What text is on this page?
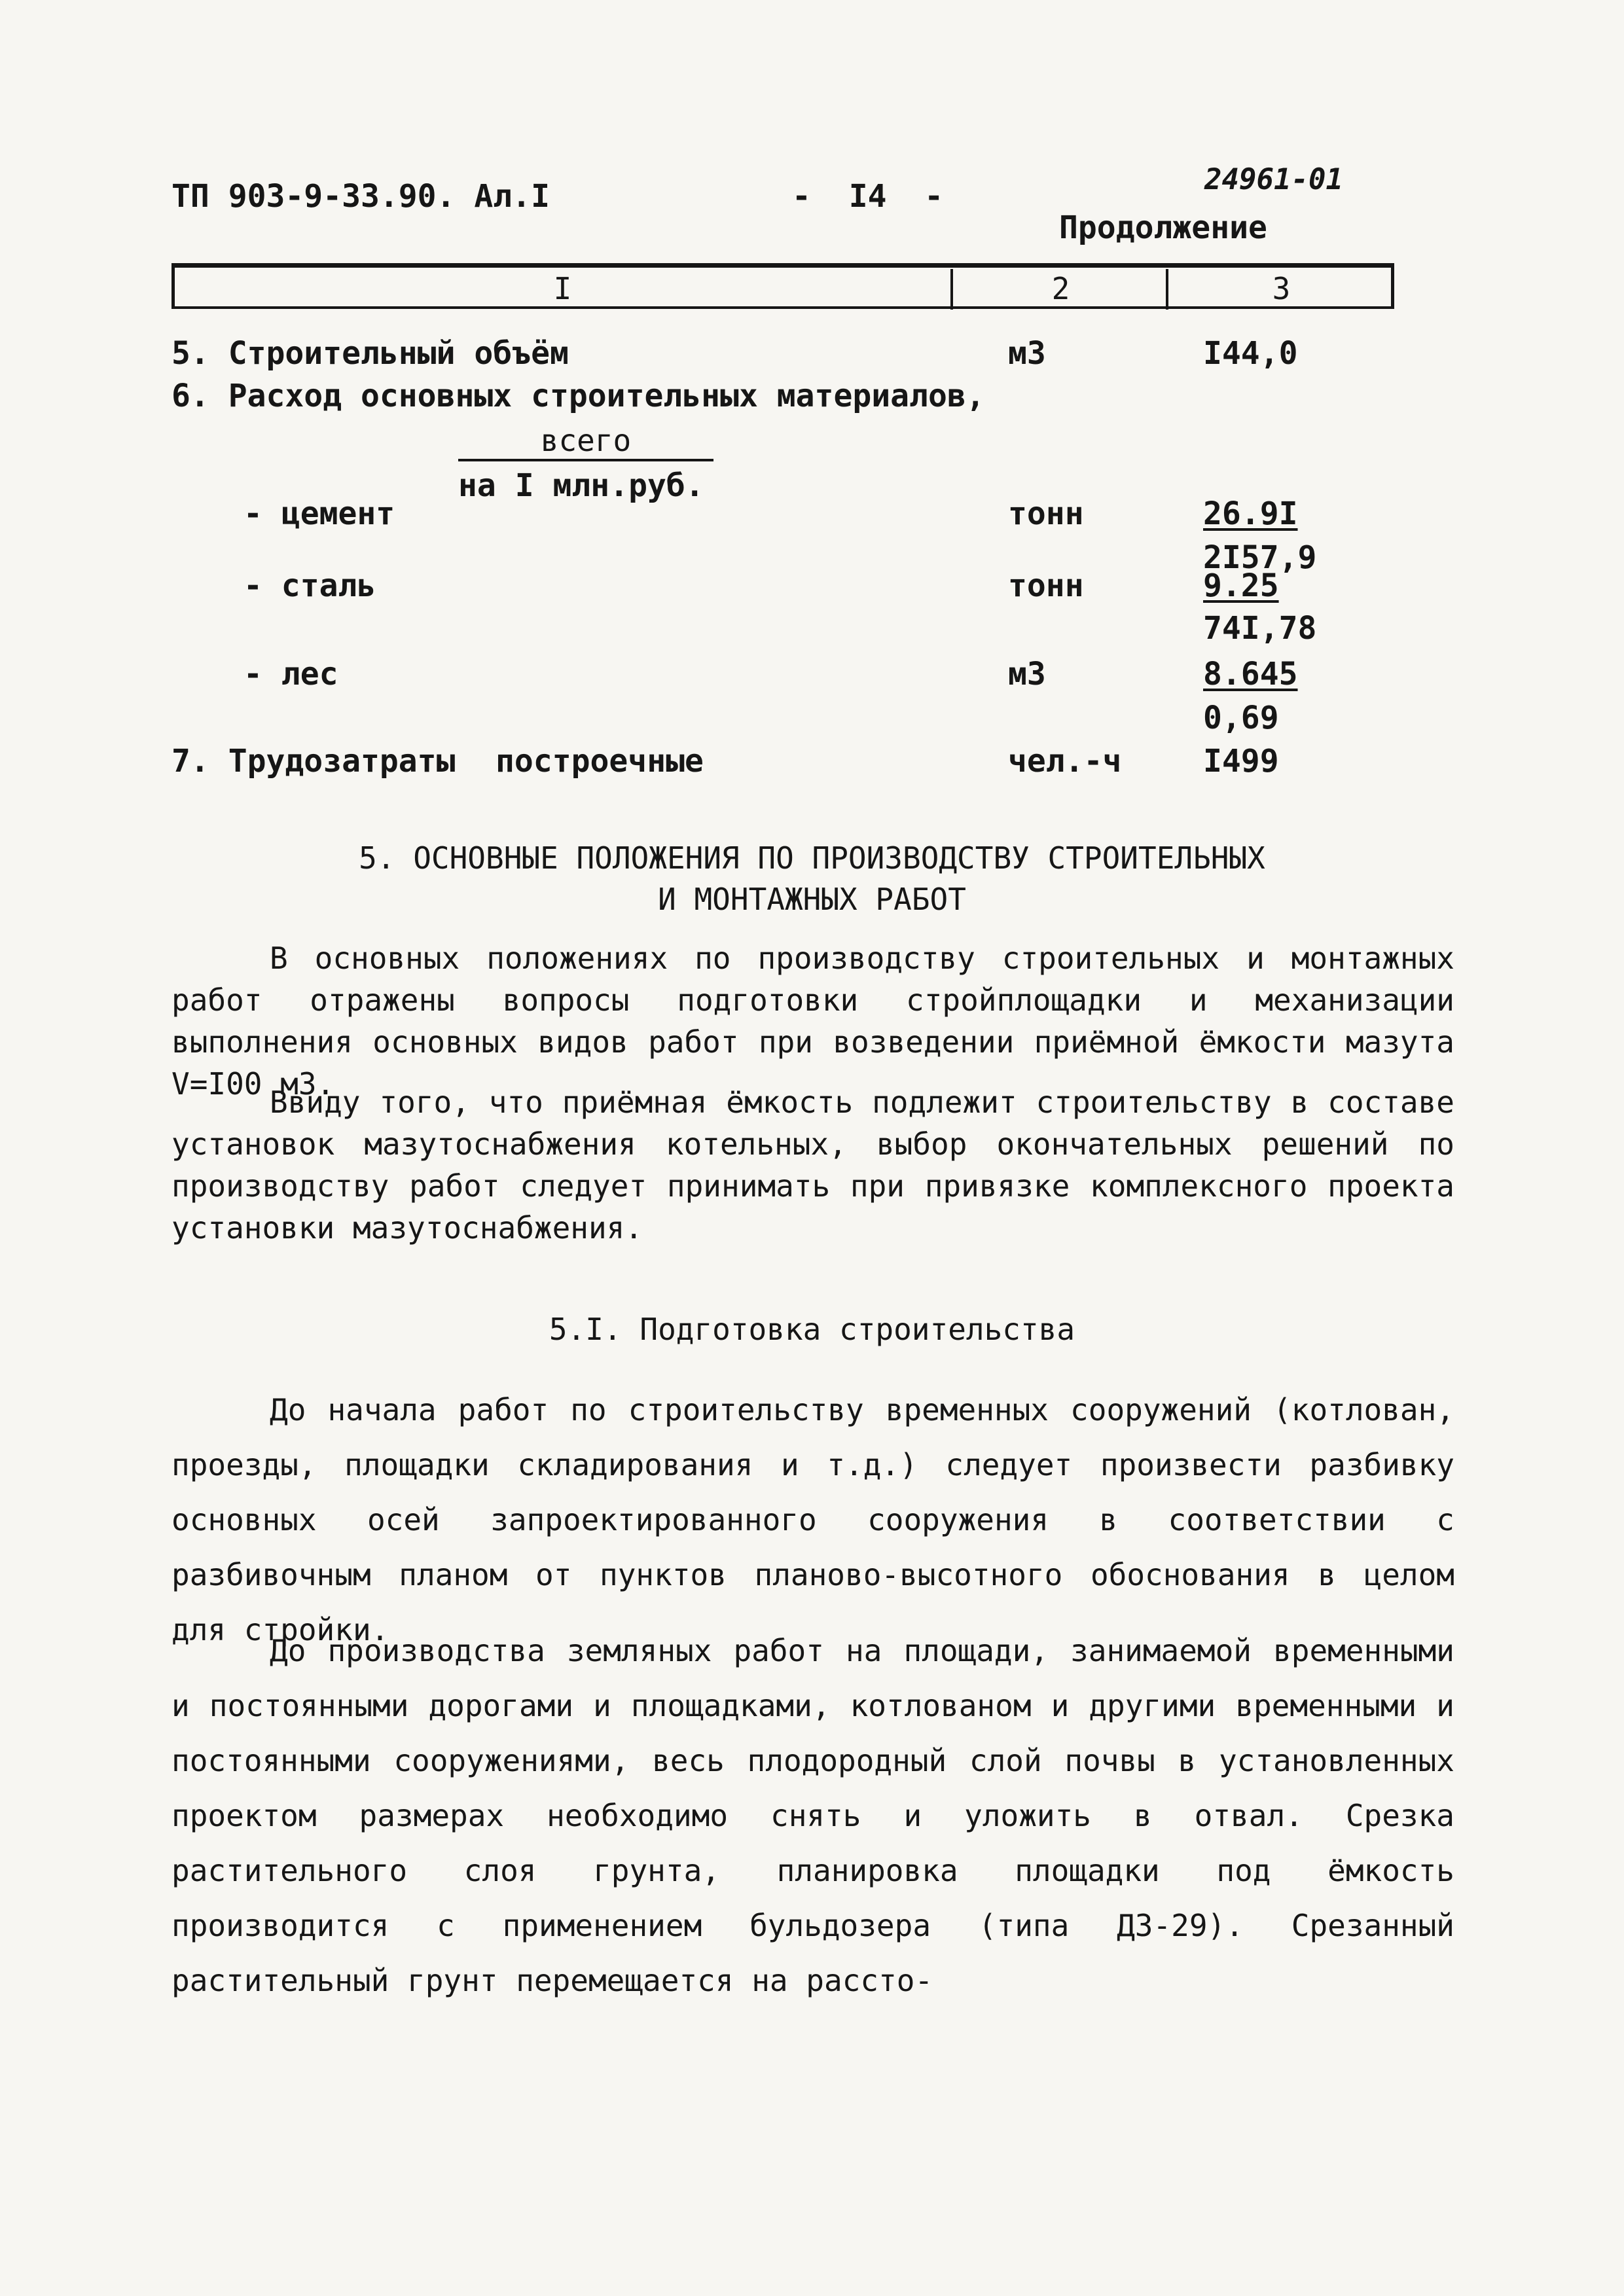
ТП 903-9-33.90. Ал.I	-  I4  -	24961-01
Продолжение
I	2	3
5. Строительный объём	м3	I44,0
6. Расход основных строительных материалов,
всего
на I млн.руб.
- цемент	тонн	26.9I
2I57,9
- сталь	тонн	9.25
74I,78
- лес	м3	8.645
0,69
7. Трудозатраты построечные	чел.-ч	I499
5. ОСНОВНЫЕ ПОЛОЖЕНИЯ ПО ПРОИЗВОДСТВУ СТРОИТЕЛЬНЫХ
И МОНТАЖНЫХ РАБОТ
В основных положениях по производству строительных и монтажных работ отражены вопросы подготовки стройплощадки и механизации выполнения основных видов работ при возведении приёмной ёмкости мазута V=I00 м3.
Ввиду того, что приёмная ёмкость подлежит строительству в составе установок мазутоснабжения котельных, выбор окончательных решений по производству работ следует принимать при привязке комплексного проекта установки мазутоснабжения.
5.I. Подготовка строительства
До начала работ по строительству временных сооружений (котлован, проезды, площадки складирования и т.д.) следует произвести разбивку основных осей запроектированного сооружения в соответствии с разбивочным планом от пунктов планово-высотного обоснования в целом для стройки.
До производства земляных работ на площади, занимаемой временными и постоянными дорогами и площадками, котлованом и другими временными и постоянными сооружениями, весь плодородный слой почвы в установленных проектом размерах необходимо снять и уложить в отвал. Срезка растительного слоя грунта, планировка площадки под ёмкость производится с применением бульдозера (типа ДЗ-29). Срезанный растительный грунт перемещается на рассто-
